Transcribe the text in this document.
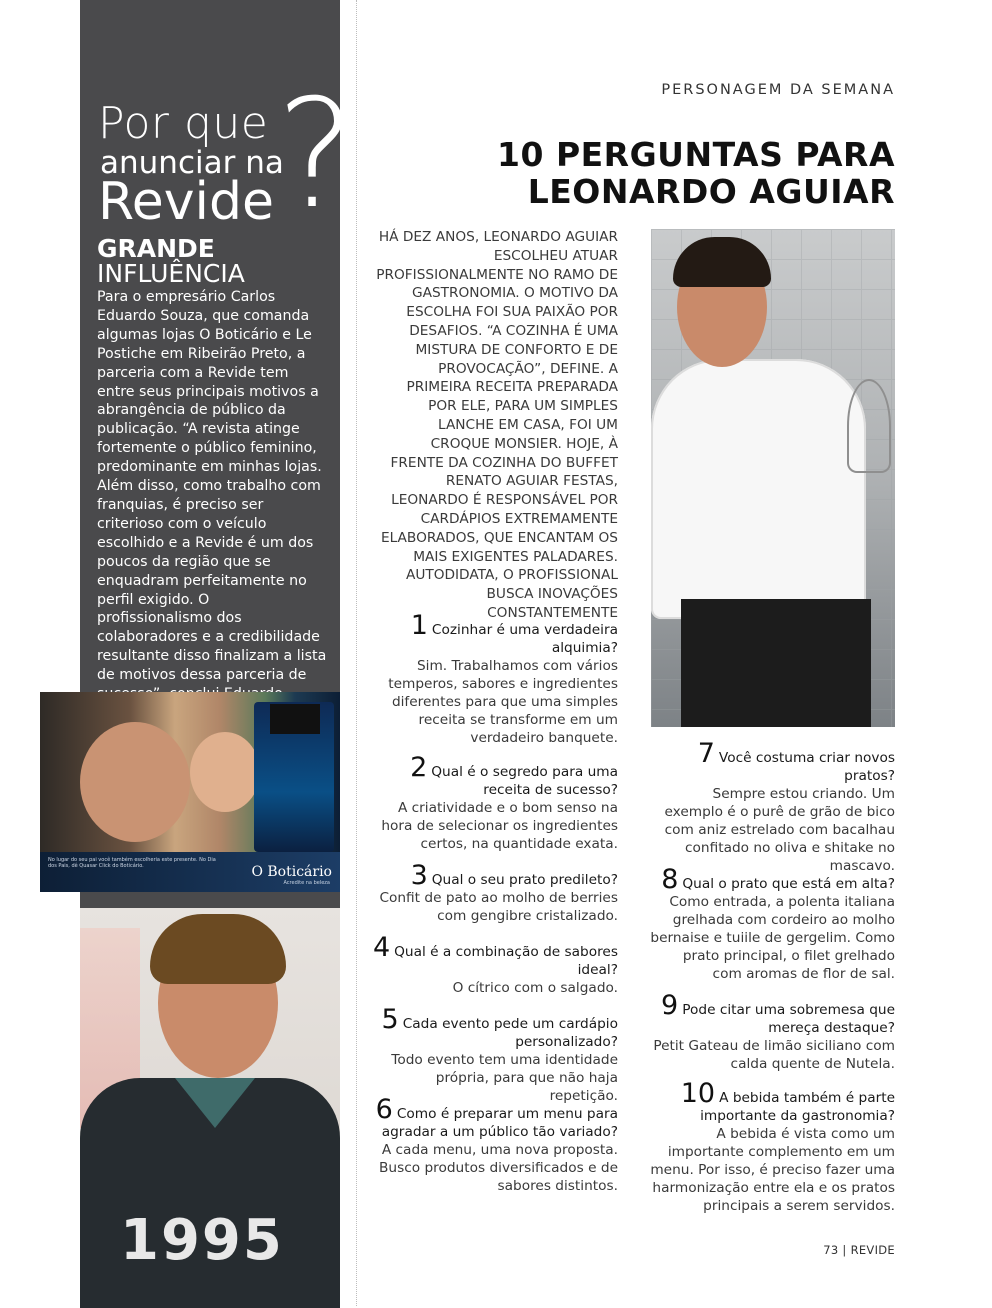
Por que
anunciar na
Revide ?
GRANDE
INFLUÊNCIA
Para o empresário Carlos Eduardo Souza, que comanda algumas lojas O Boticário e Le Postiche em Ribeirão Preto, a parceria com a Revide tem entre seus principais motivos a abrangência de público da publicação. “A revista atinge fortemente o público feminino, predominante em minhas lojas. Além disso, como trabalho com franquias, é preciso ser criterioso com o veículo escolhido e a Revide é um dos poucos da região que se enquadram perfeitamente no perfil exigido. O profissionalismo dos colaboradores e a credibilidade resultante disso finalizam a lista de motivos dessa parceria de
No lugar do seu pai você também escolheria este presente. No Dia dos Pais, dê Quasar Click do Boticário.	O Boticário
Acredite na beleza
1995
PERSONAGEM DA SEMANA
10 PERGUNTAS PARA
LEONARDO AGUIAR
HÁ DEZ ANOS, LEONARDO AGUIAR ESCOLHEU ATUAR PROFISSIONALMENTE NO RAMO DE GASTRONOMIA. O MOTIVO DA ESCOLHA FOI SUA PAIXÃO POR DESAFIOS. “A COZINHA É UMA MISTURA DE CONFORTO E DE PROVOCAÇÃO”, DEFINE. A PRIMEIRA RECEITA PREPARADA POR ELE, PARA UM SIMPLES LANCHE EM CASA, FOI UM CROQUE MONSIER. HOJE, À FRENTE DA COZINHA DO BUFFET RENATO AGUIAR FESTAS, LEONARDO É RESPONSÁVEL POR CARDÁPIOS EXTREMAMENTE ELABORADOS, QUE ENCANTAM OS MAIS EXIGENTES PALADARES. AUTODIDATA, O PROFISSIONAL BUSCA INOVAÇÕES CONSTANTEMENTE
1 Cozinhar é uma verdadeira alquimia?
Sim. Trabalhamos com vários temperos, sabores e ingredientes diferentes para que uma simples receita se transforme em um verdadeiro banquete.
2 Qual é o segredo para uma receita de sucesso?
A criatividade e o bom senso na hora de selecionar os ingredientes certos, na quantidade exata.
3 Qual o seu prato predileto?
Confit de pato ao molho de berries com gengibre cristalizado.
4 Qual é a combinação de sabores ideal?
O cítrico com o salgado.
5 Cada evento pede um cardápio personalizado?
Todo evento tem uma identidade própria, para que não haja repetição.
6 Como é preparar um menu para agradar a um público tão variado?
A cada menu, uma nova proposta. Busco produtos diversificados e de sabores distintos.
7 Você costuma criar novos pratos?
Sempre estou criando. Um exemplo é o purê de grão de bico com aniz estrelado com bacalhau confitado no oliva e shitake no mascavo.
8 Qual o prato que está em alta?
Como entrada, a polenta italiana grelhada com cordeiro ao molho bernaise e tuiile de gergelim. Como prato principal, o filet grelhado com aromas de flor de sal.
9 Pode citar uma sobremesa que mereça destaque?
Petit Gateau de limão siciliano com calda quente de Nutela.
10 A bebida também é parte importante da gastronomia?
A bebida é vista como um importante complemento em um menu. Por isso, é preciso fazer uma harmonização entre ela e os pratos principais a serem servidos.
73 | REVIDE
